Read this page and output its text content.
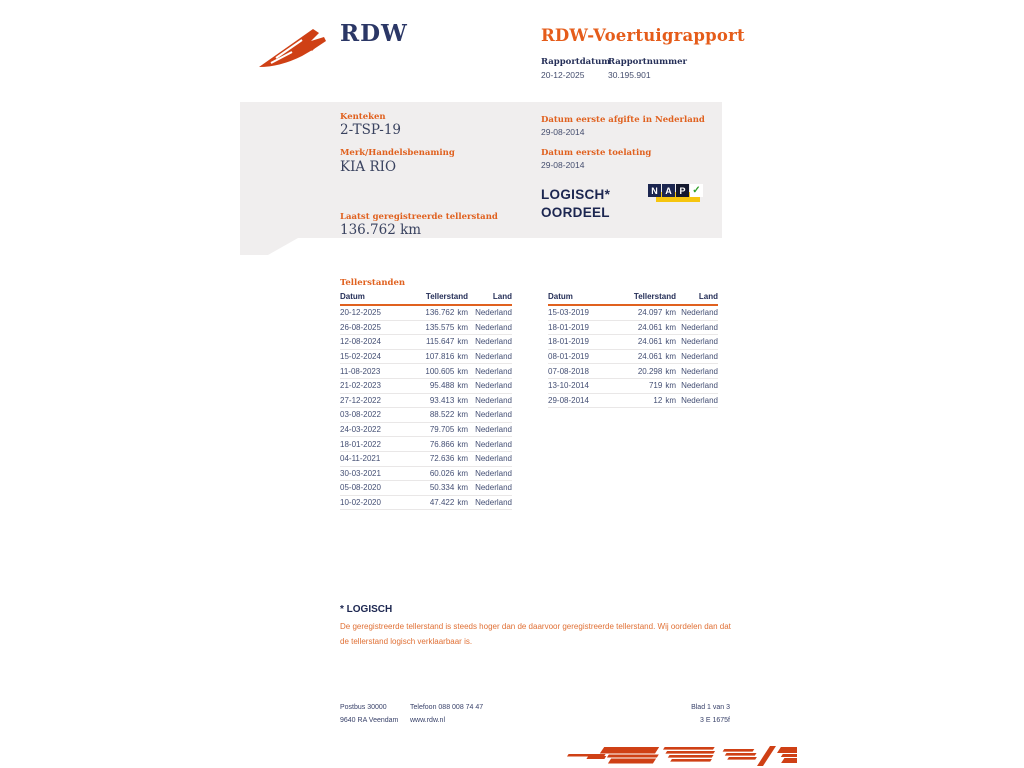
RDW	RDW-Voertuigrapport
Rapportdatum
20-12-2025
Rapportnummer
30.195.901
Kenteken
2-TSP-19
Merk/Handelsbenaming
KIA RIO
Laatst geregistreerde tellerstand
136.762 km
Datum eerste afgifte in Nederland
29-08-2014
Datum eerste toelating
29-08-2014
LOGISCH*
OORDEEL
N A P ✓
Tellerstanden
Datum	Tellerstand	Land
20-12-2025	136.762 km Nederland
26-08-2025	135.575 km Nederland
12-08-2024	115.647 km Nederland
15-02-2024	107.816 km Nederland
11-08-2023	100.605 km Nederland
21-02-2023	95.488 km Nederland
27-12-2022	93.413 km Nederland
03-08-2022	88.522 km Nederland
24-03-2022	79.705 km Nederland
18-01-2022	76.866 km Nederland
04-11-2021	72.636 km Nederland
30-03-2021	60.026 km Nederland
05-08-2020	50.334 km Nederland
10-02-2020	47.422 km Nederland
Datum	Tellerstand	Land
15-03-2019	24.097 km Nederland
18-01-2019	24.061 km Nederland
18-01-2019	24.061 km Nederland
08-01-2019	24.061 km Nederland
07-08-2018	20.298 km Nederland
13-10-2014	719 km Nederland
29-08-2014	12 km Nederland
* LOGISCH
De geregistreerde tellerstand is steeds hoger dan de daarvoor geregistreerde tellerstand. Wij oordelen dan dat de tellerstand logisch verklaarbaar is.
Postbus 30000
9640 RA Veendam
Telefoon 088 008 74 47
www.rdw.nl
Blad 1 van 3
3 E 1675f
